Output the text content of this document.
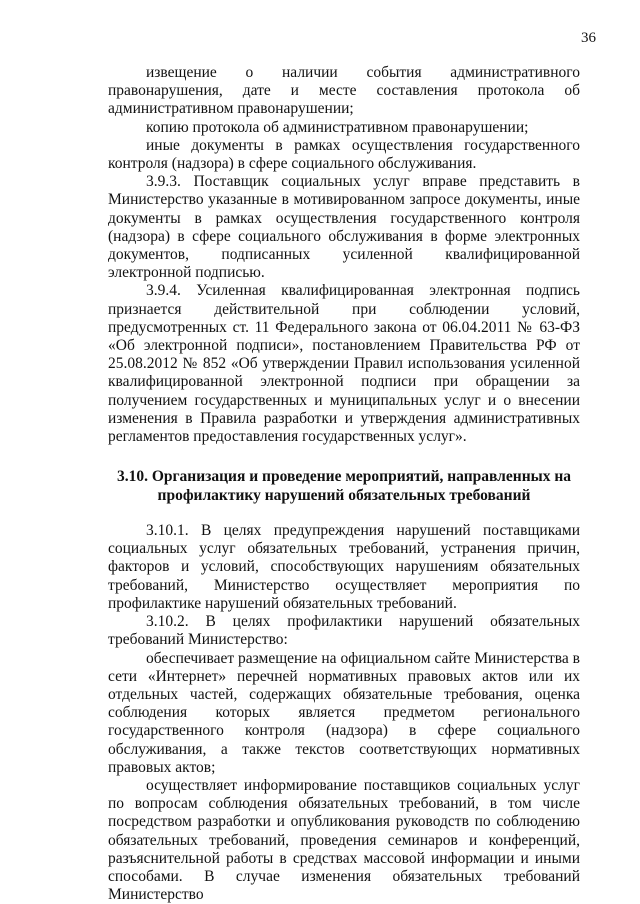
36

извещение о наличии события административного правонарушения, дате и месте составления протокола об административном правонарушении;

копию протокола об административном правонарушении;

иные документы в рамках осуществления государственного контроля (надзора) в сфере социального обслуживания.

3.9.3. Поставщик социальных услуг вправе представить в Министерство указанные в мотивированном запросе документы, иные документы в рамках осуществления государственного контроля (надзора) в сфере социального обслуживания в форме электронных документов, подписанных усиленной квалифицированной электронной подписью.

3.9.4. Усиленная квалифицированная электронная подпись признается действительной при соблюдении условий, предусмотренных ст. 11 Федерального закона от 06.04.2011 № 63-ФЗ «Об электронной подписи», постановлением Правительства РФ от 25.08.2012 № 852 «Об утверждении Правил использования усиленной квалифицированной электронной подписи при обращении за получением государственных и муниципальных услуг и о внесении изменения в Правила разработки и утверждения административных регламентов предоставления государственных услуг».

3.10. Организация и проведение мероприятий, направленных на профилактику нарушений обязательных требований

3.10.1. В целях предупреждения нарушений поставщиками социальных услуг обязательных требований, устранения причин, факторов и условий, способствующих нарушениям обязательных требований, Министерство осуществляет мероприятия по профилактике нарушений обязательных требований.

3.10.2. В целях профилактики нарушений обязательных требований Министерство:

обеспечивает размещение на официальном сайте Министерства в сети «Интернет» перечней нормативных правовых актов или их отдельных частей, содержащих обязательные требования, оценка соблюдения которых является предметом регионального государственного контроля (надзора) в сфере социального обслуживания, а также текстов соответствующих нормативных правовых актов;

осуществляет информирование поставщиков социальных услуг по вопросам соблюдения обязательных требований, в том числе посредством разработки и опубликования руководств по соблюдению обязательных требований, проведения семинаров и конференций, разъяснительной работы в средствах массовой информации и иными способами. В случае изменения обязательных требований Министерство
